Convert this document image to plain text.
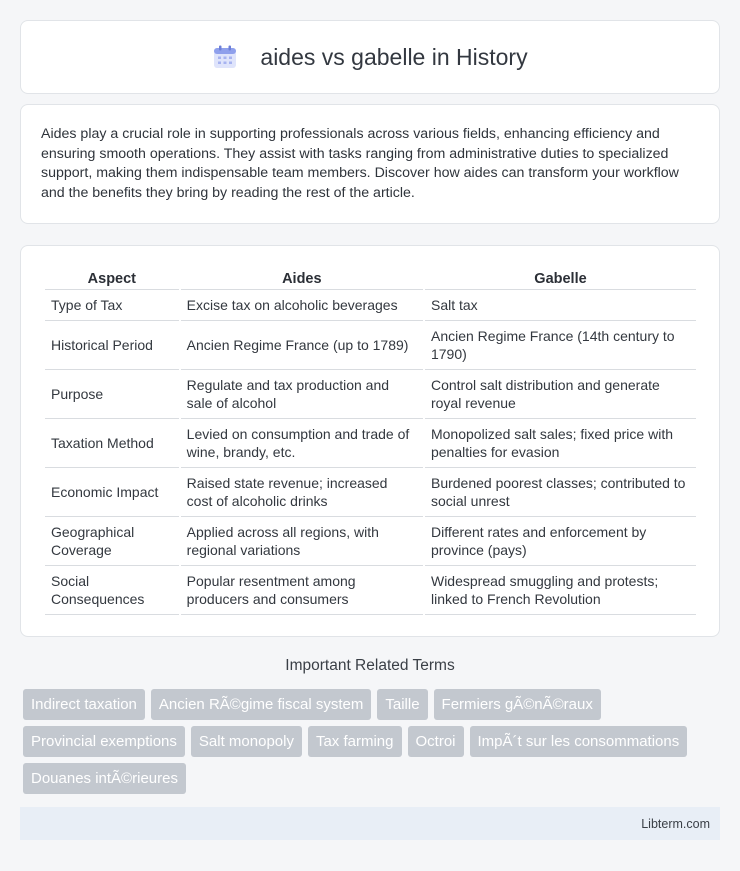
aides vs gabelle in History

Aides play a crucial role in supporting professionals across various fields, enhancing efficiency and ensuring smooth operations. They assist with tasks ranging from administrative duties to specialized support, making them indispensable team members. Discover how aides can transform your workflow and the benefits they bring by reading the rest of the article.

Aspect	Aides	Gabelle
Type of Tax	Excise tax on alcoholic beverages	Salt tax
Historical Period	Ancien Regime France (up to 1789)	Ancien Regime France (14th century to 1790)
Purpose	Regulate and tax production and sale of alcohol	Control salt distribution and generate royal revenue
Taxation Method	Levied on consumption and trade of wine, brandy, etc.	Monopolized salt sales; fixed price with penalties for evasion
Economic Impact	Raised state revenue; increased cost of alcoholic drinks	Burdened poorest classes; contributed to social unrest
Geographical Coverage	Applied across all regions, with regional variations	Different rates and enforcement by province (pays)
Social Consequences	Popular resentment among producers and consumers	Widespread smuggling and protests; linked to French Revolution
Important Related Terms
Indirect taxation	Ancien RÃ©gime fiscal system	Taille	Fermiers gÃ©nÃ©raux
Provincial exemptions	Salt monopoly	Tax farming	Octroi	ImpÃ´t sur les consommations
Douanes intÃ©rieures
Libterm.com
